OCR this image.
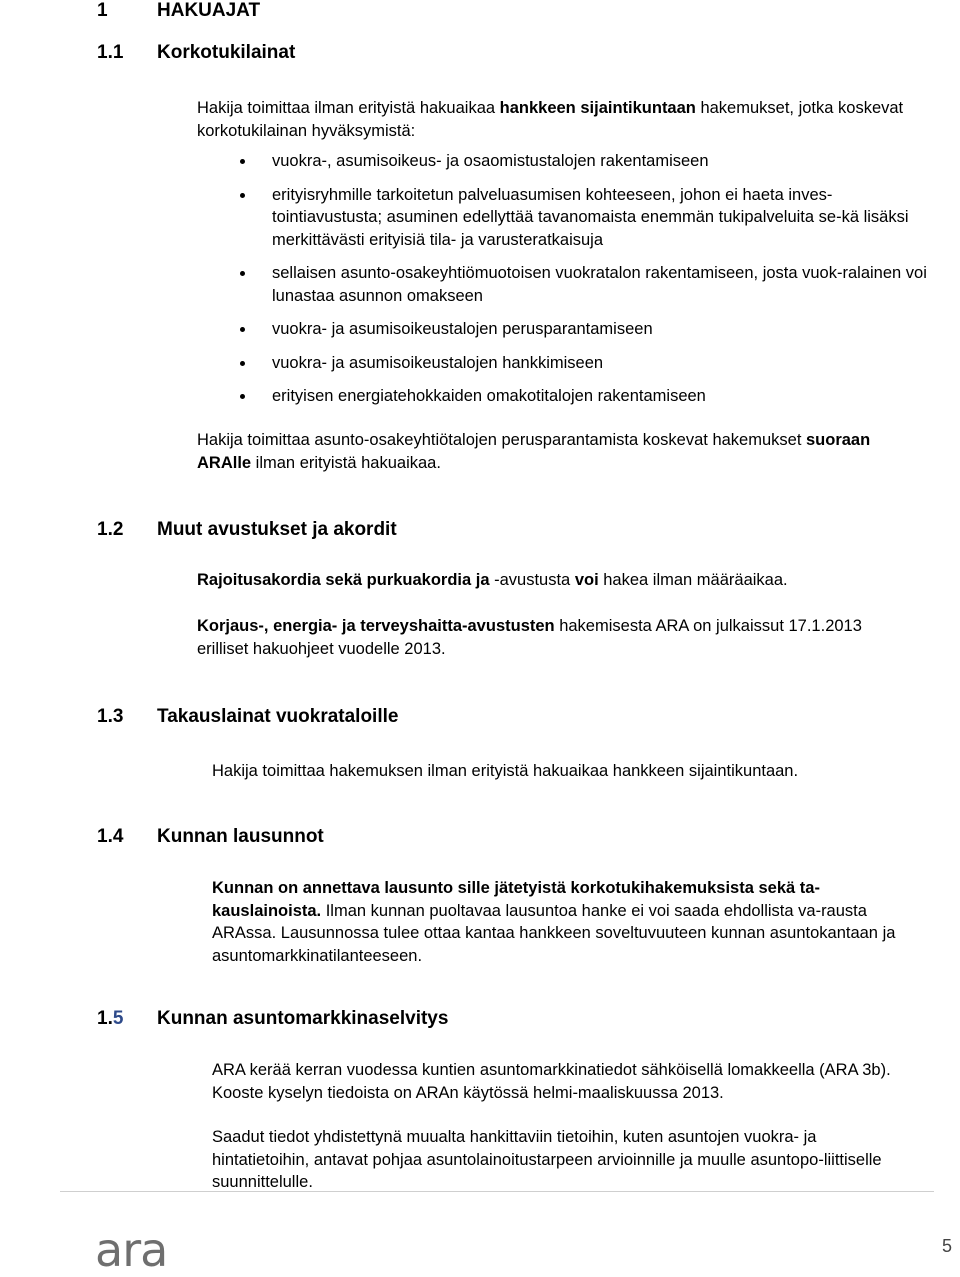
1	HAKUAJAT
1.1 Korkotukilainat

Hakija toimittaa ilman erityistä hakuaikaa hankkeen sijaintikuntaan hakemukset, jotka koskevat korkotukilainan hyväksymistä:

vuokra-, asumisoikeus- ja osaomistustalojen rakentamiseen
erityisryhmille tarkoitetun palveluasumisen kohteeseen, johon ei haeta inves-tointiavustusta; asuminen edellyttää tavanomaista enemmän tukipalveluita se-kä lisäksi merkittävästi erityisiä tila- ja varusteratkaisuja
sellaisen asunto-osakeyhtiömuotoisen vuokratalon rakentamiseen, josta vuok-ralainen voi lunastaa asunnon omakseen
vuokra- ja asumisoikeustalojen perusparantamiseen
vuokra- ja asumisoikeustalojen hankkimiseen
erityisen energiatehokkaiden omakotitalojen rakentamiseen

Hakija toimittaa asunto-osakeyhtiötalojen perusparantamista koskevat hakemukset suoraan ARAlle ilman erityistä hakuaikaa.

1.2 Muut avustukset ja akordit

Rajoitusakordia sekä purkuakordia ja -avustusta voi hakea ilman määräaikaa.

Korjaus-, energia- ja terveyshaitta-avustusten hakemisesta ARA on julkaissut 17.1.2013 erilliset hakuohjeet vuodelle 2013.

1.3 Takauslainat vuokrataloille

Hakija toimittaa hakemuksen ilman erityistä hakuaikaa hankkeen sijaintikuntaan.

1.4 Kunnan lausunnot

Kunnan on annettava lausunto sille jätetyistä korkotukihakemuksista sekä ta-kauslainoista. Ilman kunnan puoltavaa lausuntoa hanke ei voi saada ehdollista va-rausta ARAssa. Lausunnossa tulee ottaa kantaa hankkeen soveltuvuuteen kunnan asuntokantaan ja asuntomarkkinatilanteeseen.

1.5 Kunnan asuntomarkkinaselvitys

ARA kerää kerran vuodessa kuntien asuntomarkkinatiedot sähköisellä lomakkeella (ARA 3b). Kooste kyselyn tiedoista on ARAn käytössä helmi-maaliskuussa 2013.

Saadut tiedot yhdistettynä muualta hankittaviin tietoihin, kuten asuntojen vuokra- ja hintatietoihin, antavat pohjaa asuntolainoitustarpeen arvioinnille ja muulle asuntopo-liittiselle suunnittelulle.

ara	5
